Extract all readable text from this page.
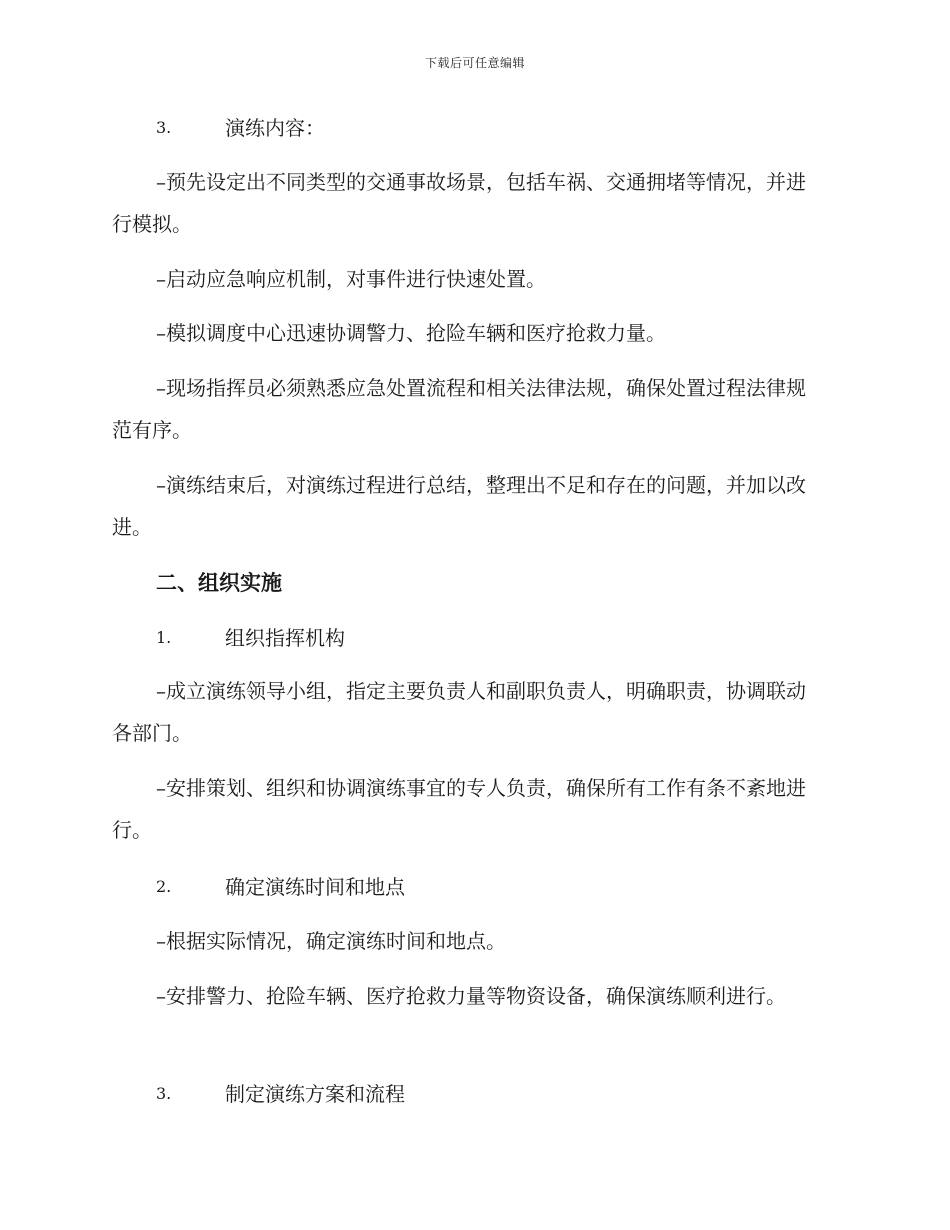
下载后可任意编辑
3.	演练内容：

–预先设定出不同类型的交通事故场景，包括车祸、交通拥堵等情况，并进行模拟。

–启动应急响应机制，对事件进行快速处置。

–模拟调度中心迅速协调警力、抢险车辆和医疗抢救力量。

–现场指挥员必须熟悉应急处置流程和相关法律法规，确保处置过程法律规范有序。

–演练结束后，对演练过程进行总结，整理出不足和存在的问题，并加以改进。

二、组织实施
1.	组织指挥机构

–成立演练领导小组，指定主要负责人和副职负责人，明确职责，协调联动各部门。

–安排策划、组织和协调演练事宜的专人负责，确保所有工作有条不紊地进行。

2.	确定演练时间和地点

–根据实际情况，确定演练时间和地点。

–安排警力、抢险车辆、医疗抢救力量等物资设备，确保演练顺利进行。

3.	制定演练方案和流程
